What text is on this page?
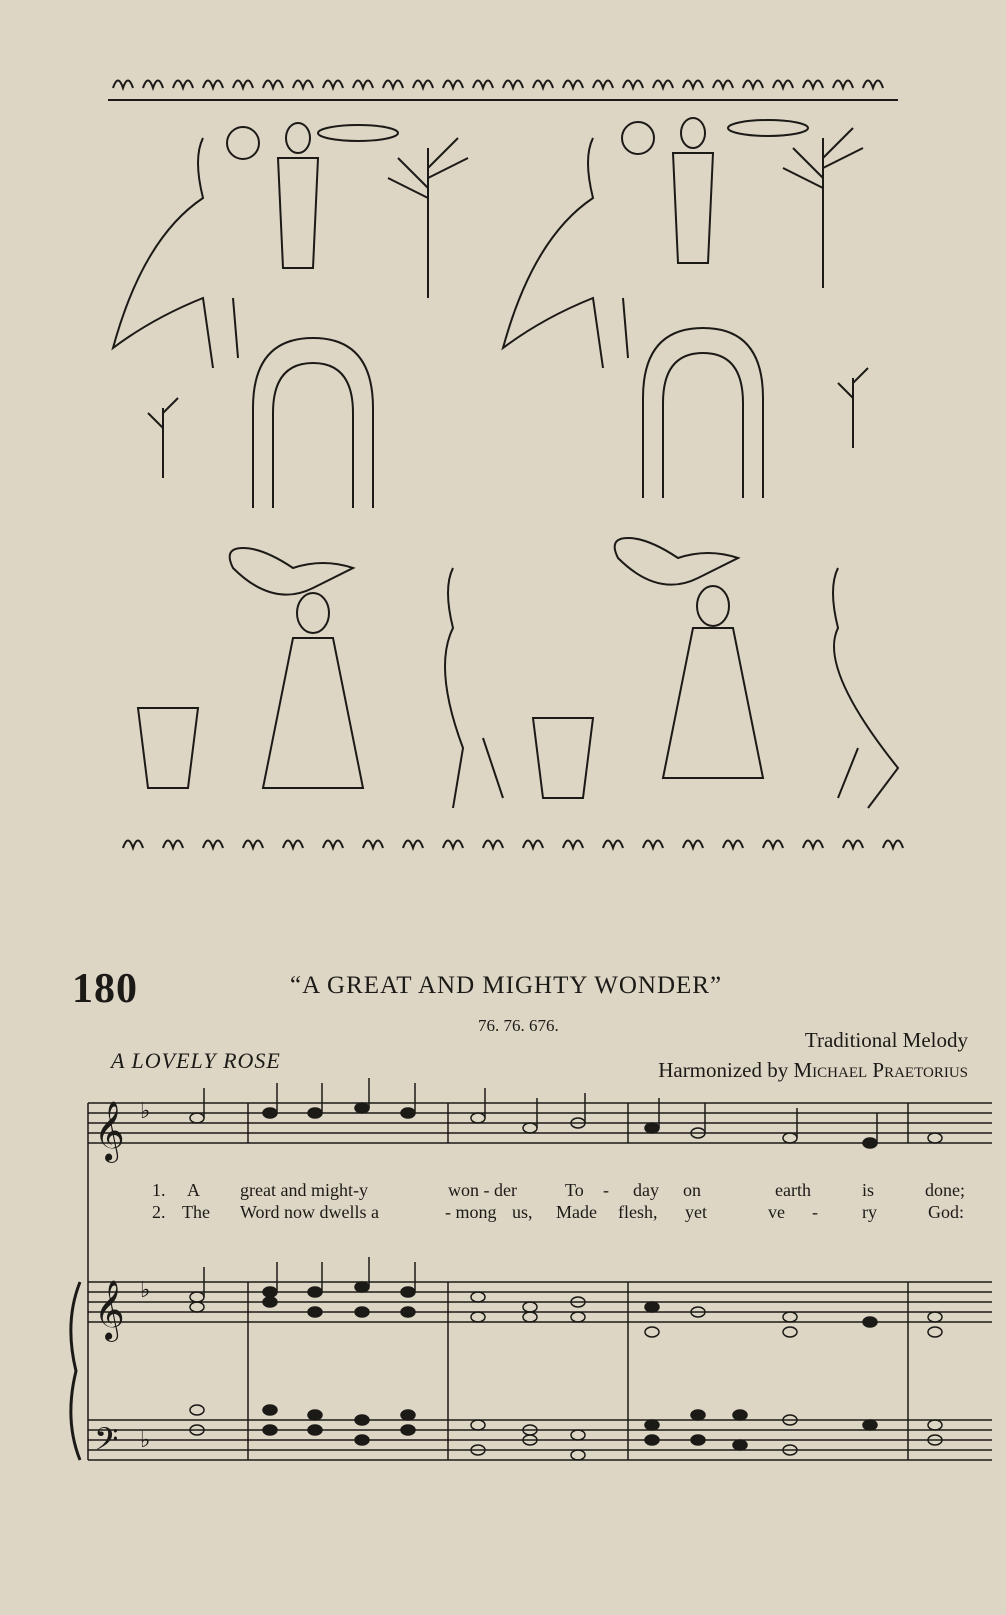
180	“A GREAT AND MIGHTY WONDER”
76. 76. 676.
A LOVELY ROSE
Traditional Melody
Harmonized by Michael Praetorius
𝄞
𝄞
𝄢
♭
♭
♭
1. A great and might-y	won - der	To - day on	earth	is	done;
2. The Word now dwells a	- mong us, Made flesh, yet	ve - ry	God:
